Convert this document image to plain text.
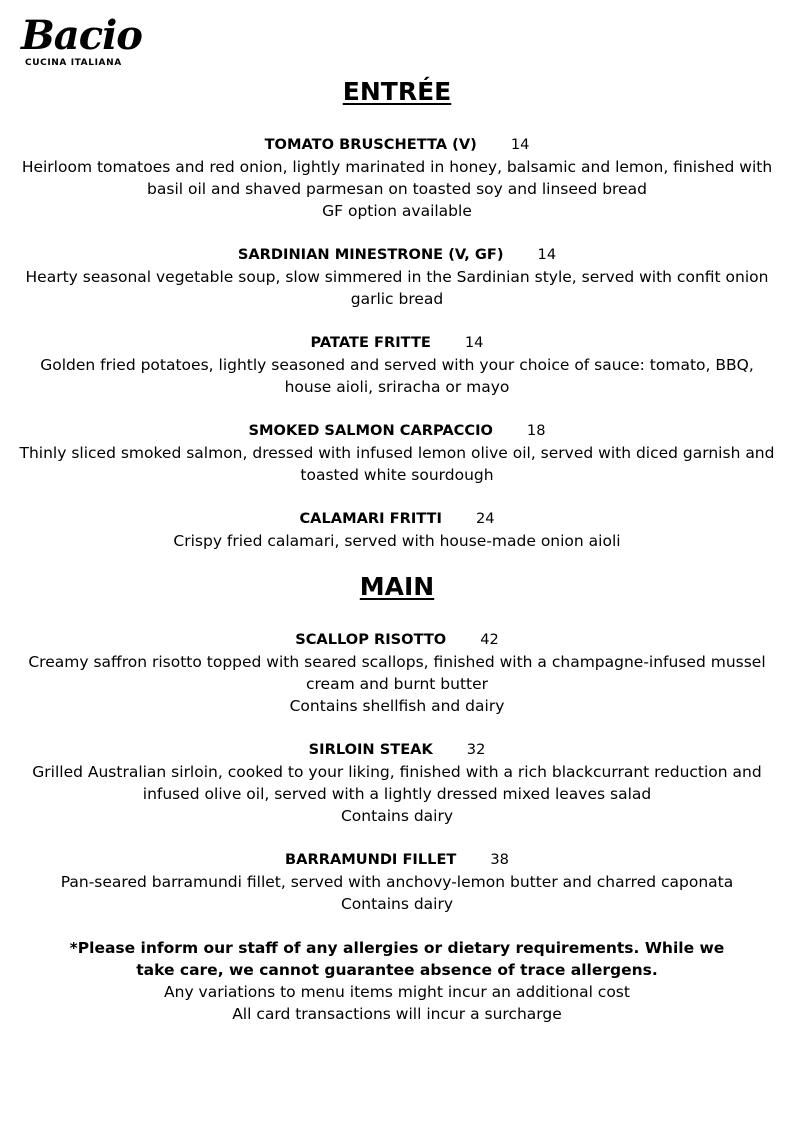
Bacio
CUCINA ITALIANA
ENTRÉE
TOMATO BRUSCHETTA (V) 14
Heirloom tomatoes and red onion, lightly marinated in honey, balsamic and lemon, finished with basil oil and shaved parmesan on toasted soy and linseed bread
GF option available
SARDINIAN MINESTRONE (V, GF) 14
Hearty seasonal vegetable soup, slow simmered in the Sardinian style, served with confit onion garlic bread
PATATE FRITTE 14
Golden fried potatoes, lightly seasoned and served with your choice of sauce: tomato, BBQ, house aioli, sriracha or mayo
SMOKED SALMON CARPACCIO 18
Thinly sliced smoked salmon, dressed with infused lemon olive oil, served with diced garnish and toasted white sourdough
CALAMARI FRITTI 24
Crispy fried calamari, served with house-made onion aioli
MAIN
SCALLOP RISOTTO 42
Creamy saffron risotto topped with seared scallops, finished with a champagne-infused mussel cream and burnt butter
Contains shellfish and dairy
SIRLOIN STEAK 32
Grilled Australian sirloin, cooked to your liking, finished with a rich blackcurrant reduction and infused olive oil, served with a lightly dressed mixed leaves salad
Contains dairy
BARRAMUNDI FILLET 38
Pan-seared barramundi fillet, served with anchovy-lemon butter and charred caponata
Contains dairy
*Please inform our staff of any allergies or dietary requirements. While we take care, we cannot guarantee absence of trace allergens.
Any variations to menu items might incur an additional cost
All card transactions will incur a surcharge
